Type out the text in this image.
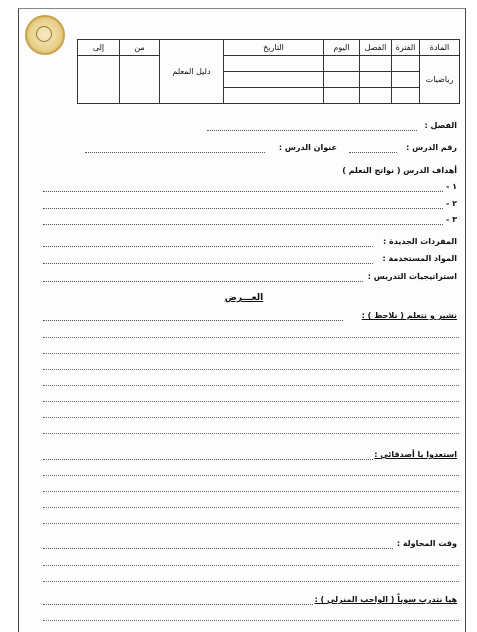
المادة	الفترة	الفصل	اليوم	التاريخ	دليل المعلم	من	إلى
رياضيات							

الفصل :
رقم الدرس :
عنوان الدرس :
أهداف الدرس ( نواتج التعلم )
١ -
٢ -
٣ -
المفردات الجديدة :
المواد المستخدمة :
استراتيجيات التدريس :
العـــرض
نشير و نتعلم ( نلاحظ ) :
استعدوا يا أصدقائي :
وقت المحاولة :
هيا نتدرب سوياً ( الواجب المنزلي ) :
